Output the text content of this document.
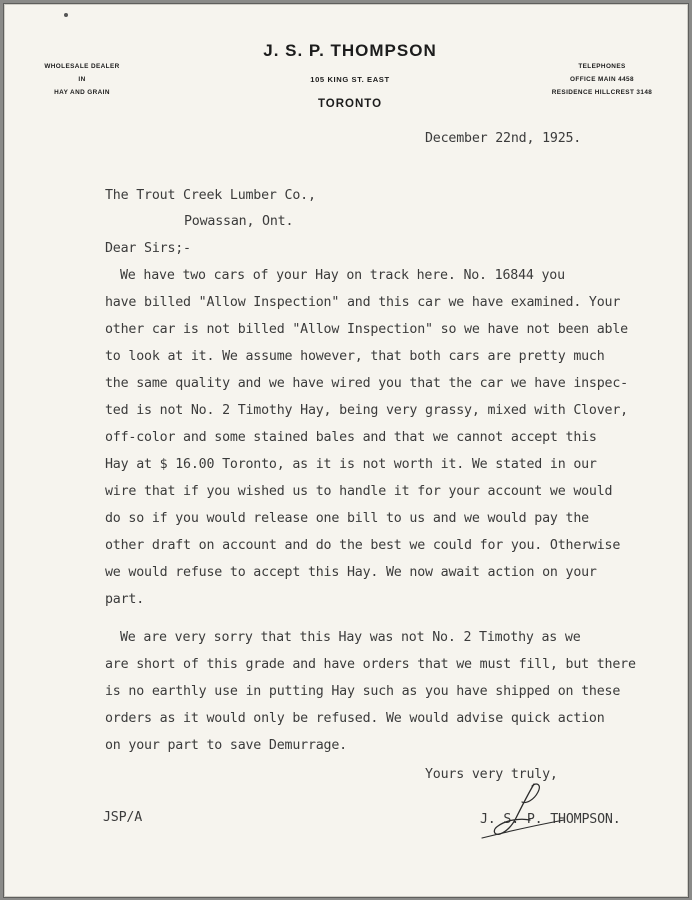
WHOLESALE DEALER
IN
HAY AND GRAIN
J. S. P. THOMPSON
105 KING ST. EAST
TORONTO
TELEPHONES
OFFICE MAIN 4458
RESIDENCE HILLCREST 3148
December 22nd, 1925.
The Trout Creek Lumber Co.,
Powassan, Ont.
Dear Sirs;-
We have two cars of your Hay on track here. No. 16844 you
have billed "Allow Inspection" and this car we have examined. Your
other car is not billed "Allow Inspection" so we have not been able
to look at it. We assume however, that both cars are pretty much
the same quality and we have wired you that the car we have inspec-
ted is not No. 2 Timothy Hay, being very grassy, mixed with Clover,
off-color and some stained bales and that we cannot accept this
Hay at $ 16.00 Toronto, as it is not worth it. We stated in our
wire that if you wished us to handle it for your account we would
do so if you would release one bill to us and we would pay the
other draft on account and do the best we could for you. Otherwise
we would refuse to accept this Hay. We now await action on your
part.
We are very sorry that this Hay was not No. 2 Timothy as we
are short of this grade and have orders that we must fill, but there
is no earthly use in putting Hay such as you have shipped on these
orders as it would only be refused. We would advise quick action
on your part to save Demurrage.
Yours very truly,
JSP/A	J. S. P. THOMPSON.
